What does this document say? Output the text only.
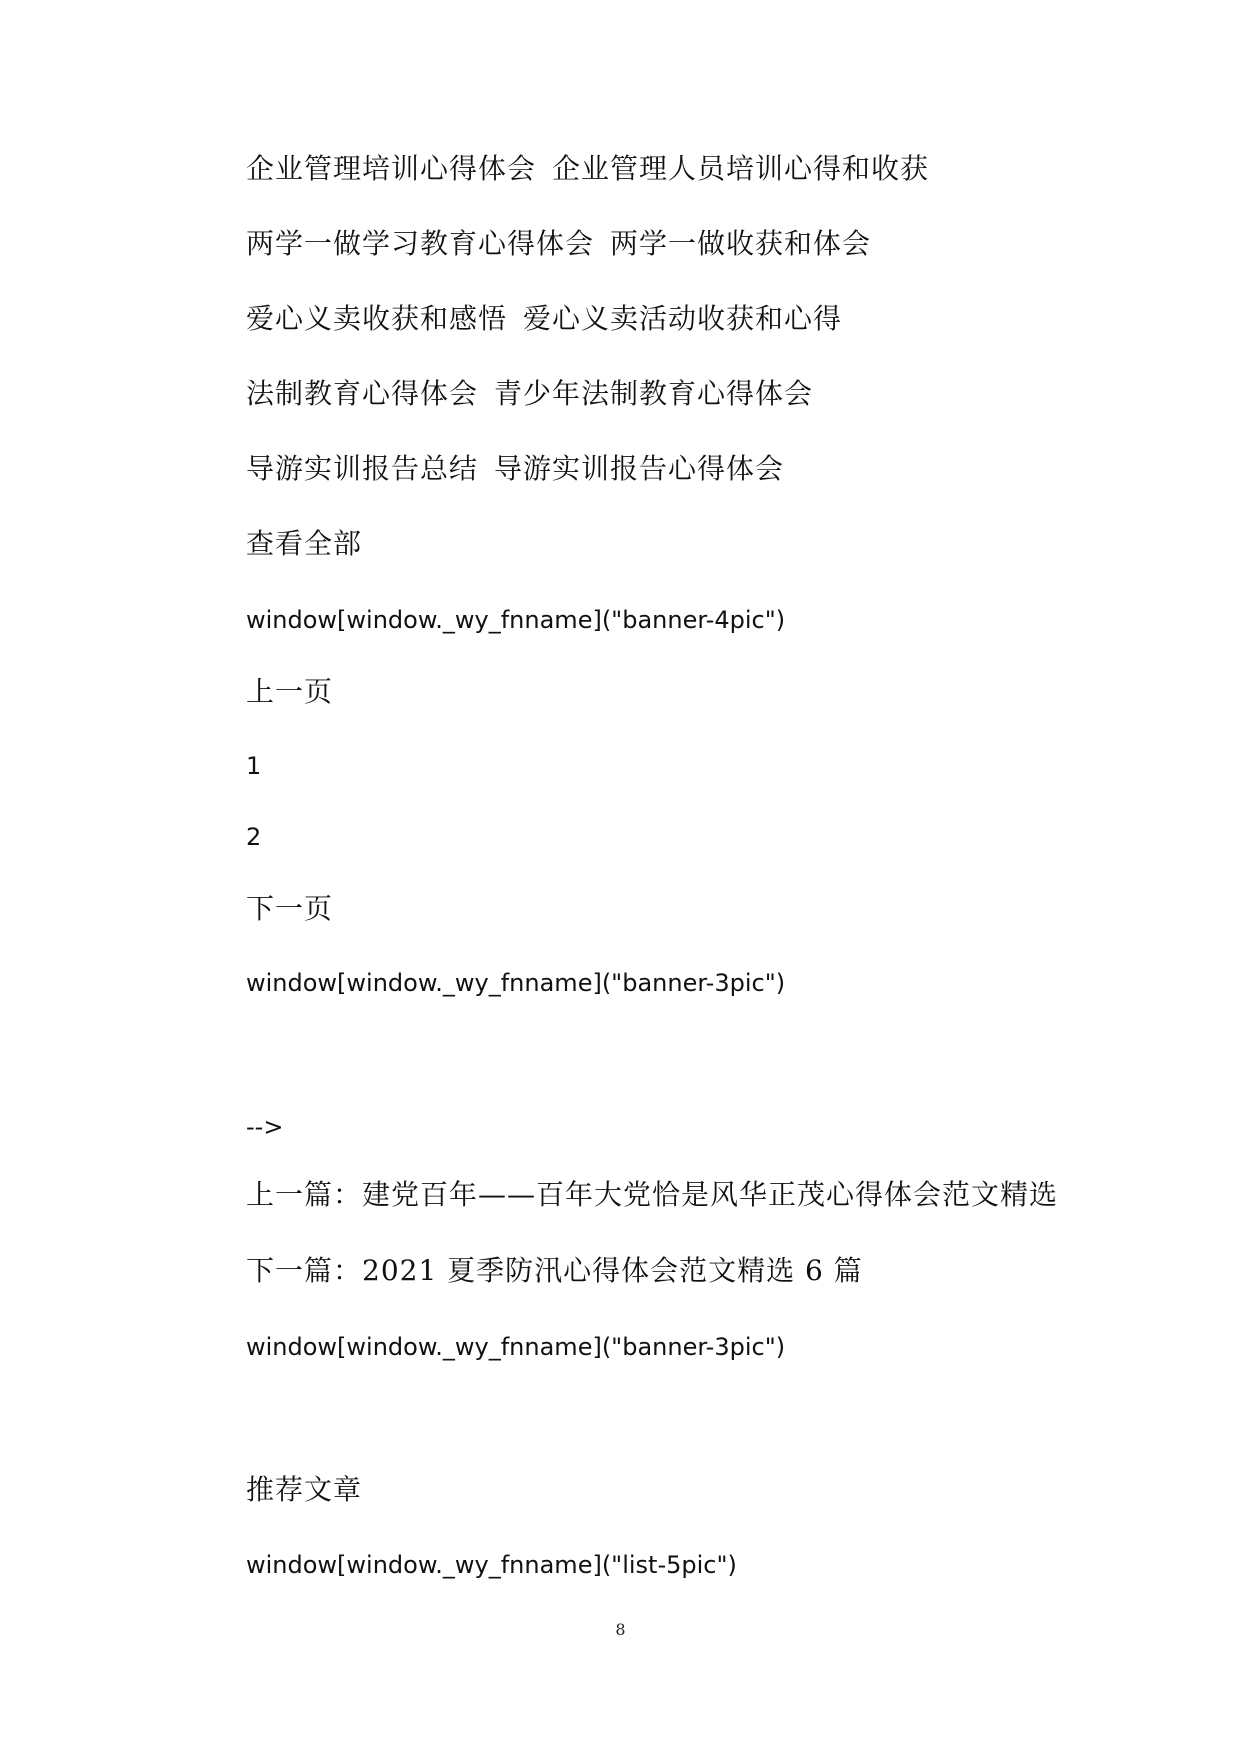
企业管理培训心得体会 企业管理人员培训心得和收获
两学一做学习教育心得体会 两学一做收获和体会
爱心义卖收获和感悟 爱心义卖活动收获和心得
法制教育心得体会 青少年法制教育心得体会
导游实训报告总结 导游实训报告心得体会
查看全部
window[window._wy_fnname]("banner-4pic")
上一页
1
2
下一页
window[window._wy_fnname]("banner-3pic")
-->
上一篇：建党百年——百年大党恰是风华正茂心得体会范文精选
下一篇：2021 夏季防汛心得体会范文精选 6 篇
window[window._wy_fnname]("banner-3pic")
推荐文章
window[window._wy_fnname]("list-5pic")
8
